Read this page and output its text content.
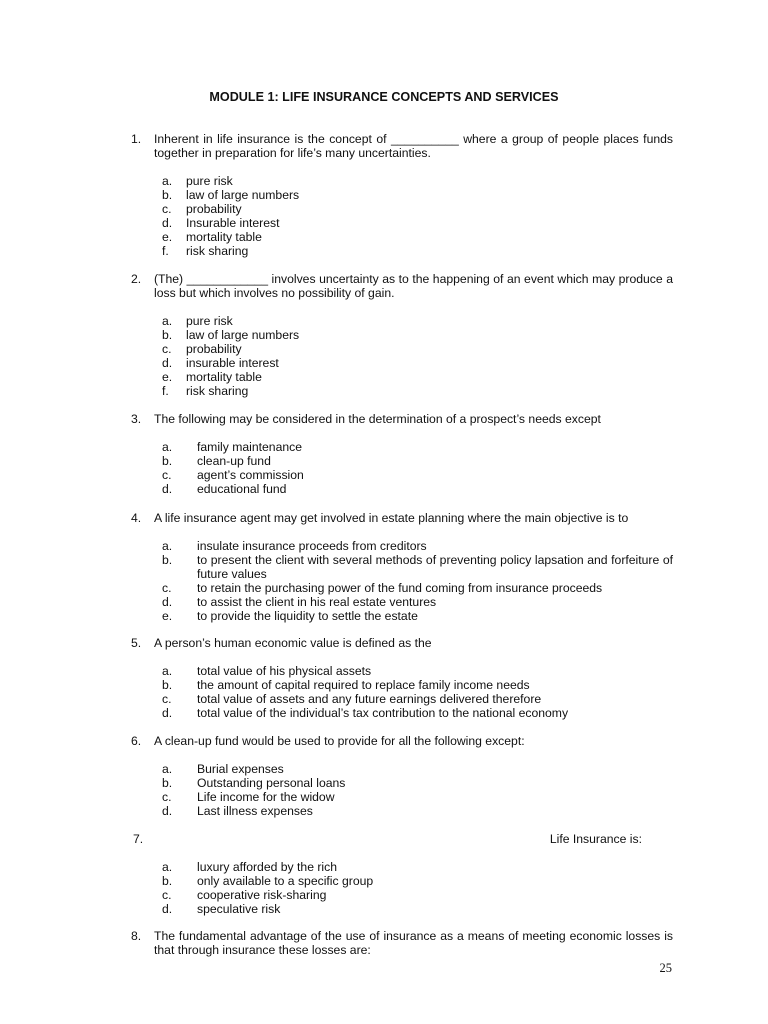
MODULE 1: LIFE INSURANCE CONCEPTS AND SERVICES
1. Inherent in life insurance is the concept of __________ where a group of people places funds together in preparation for life’s many uncertainties.
a. pure risk
b. law of large numbers
c. probability
d. Insurable interest
e. mortality table
f. risk sharing
2. (The) ____________ involves uncertainty as to the happening of an event which may produce a loss but which involves no possibility of gain.
a. pure risk
b. law of large numbers
c. probability
d. insurable interest
e. mortality table
f. risk sharing
3. The following may be considered in the determination of a prospect’s needs except
a. family maintenance
b. clean-up fund
c. agent’s commission
d. educational fund
4. A life insurance agent may get involved in estate planning where the main objective is to
a. insulate insurance proceeds from creditors
b. to present the client with several methods of preventing policy lapsation and forfeiture of future values
c. to retain the purchasing power of the fund coming from insurance proceeds
d. to assist the client in his real estate ventures
e. to provide the liquidity to settle the estate
5. A person’s human economic value is defined as the
a. total value of his physical assets
b. the amount of capital required to replace family income needs
c. total value of assets and any future earnings delivered therefore
d. total value of the individual’s tax contribution to the national economy
6. A clean-up fund would be used to provide for all the following except:
a. Burial expenses
b. Outstanding personal loans
c. Life income for the widow
d. Last illness expenses
7.	Life Insurance is:
a. luxury afforded by the rich
b. only available to a specific group
c. cooperative risk-sharing
d. speculative risk
8. The fundamental advantage of the use of insurance as a means of meeting economic losses is that through insurance these losses are:
25
